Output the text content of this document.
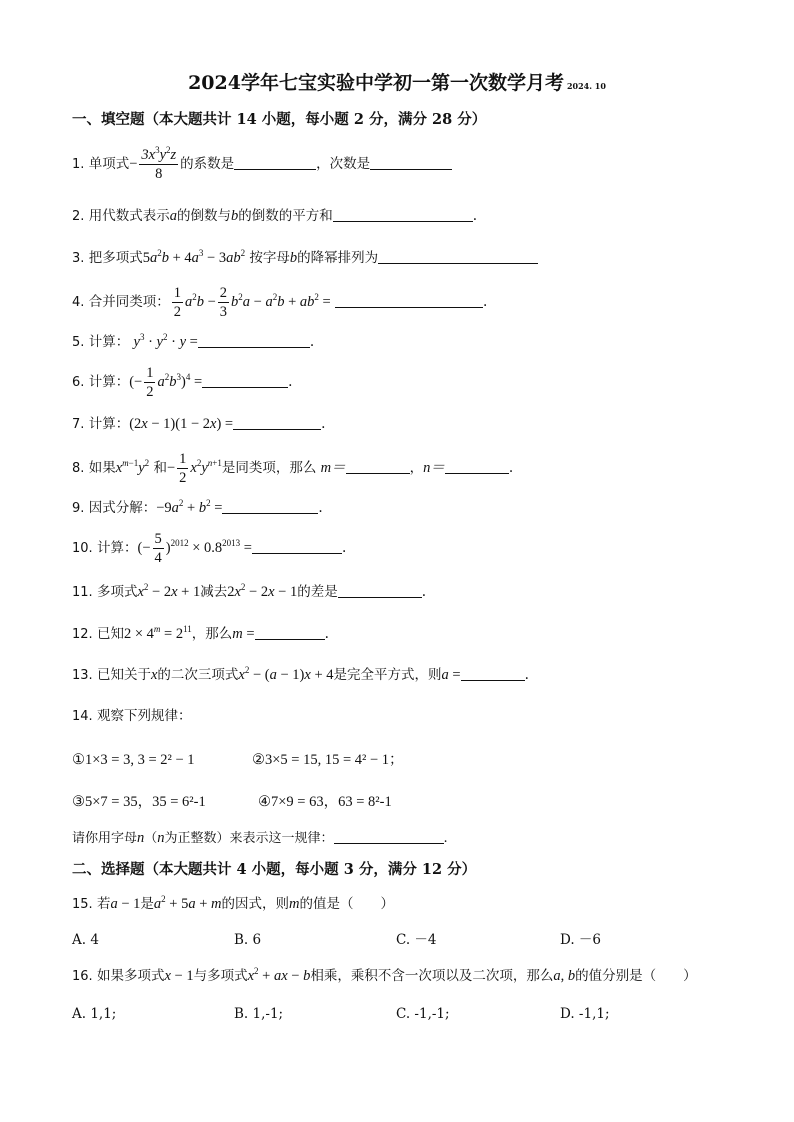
2024学年七宝实验中学初一第一次数学月考 2024. 10
一、填空题（本大题共计 14 小题，每小题 2 分，满分 28 分）
1. 单项式− $\frac{3x^3y^2z}{8}$ 的系数是	，次数是
2. 用代数式表示a的倒数与b的倒数的平方和	.
3. 把多项式$5a^2b + 4a^3 - 3ab^2$ 按字母b的降幂排列为
4. 合并同类项： $\frac{1}{2} a^2b - \frac{2}{3} b^2a - a^2b + ab^2$ =	.
5. 计算： $y^3 \cdot y^2 \cdot y$ =	.
6. 计算：(− $\frac{1}{2} a^2b^3)^4$ =	.
7. 计算：(2x − 1)(1 − 2x) =	.
8. 如果$x^{m-1}y^2$ 和− $\frac{1}{2} x^2y^{n+1}$是同类项，那么 m＝	，n＝	.
9. 因式分解：$-9a^2 + b^2$ =	.
10. 计算：(− $\frac{5}{4} )^{2012} \times 0.8^{2013}$ =	.
11. 多项式$x^2 - 2x + 1$减去$2x^2 - 2x - 1$的差是	.
12. 已知$2 \times 4^m = 2^{11}$，那么m =	.
13. 已知关于x的二次三项式$x^2 - (a - 1)x + 4$是完全平方式，则a =	.
14. 观察下列规律：
①1×3 = 3, 3 = 2² − 1	②3×5 = 15, 15 = 4² − 1；
③5×7 = 35，35 = 6²-1	④7×9 = 63，63 = 8²-1
请你用字母n（n为正整数）来表示这一规律：	.
二、选择题（本大题共计 4 小题，每小题 3 分，满分 12 分）
15. 若a − 1是$a^2 + 5a + m$的因式，则m的值是（　　）
A. 4	B. 6	C. －4	D. －6
16. 如果多项式x − 1与多项式$x^2$ + ax − b相乘，乘积不含一次项以及二次项，那么a, b的值分别是（　　）
A. 1,1;	B. 1,-1;	C. -1,-1;	D. -1,1;
